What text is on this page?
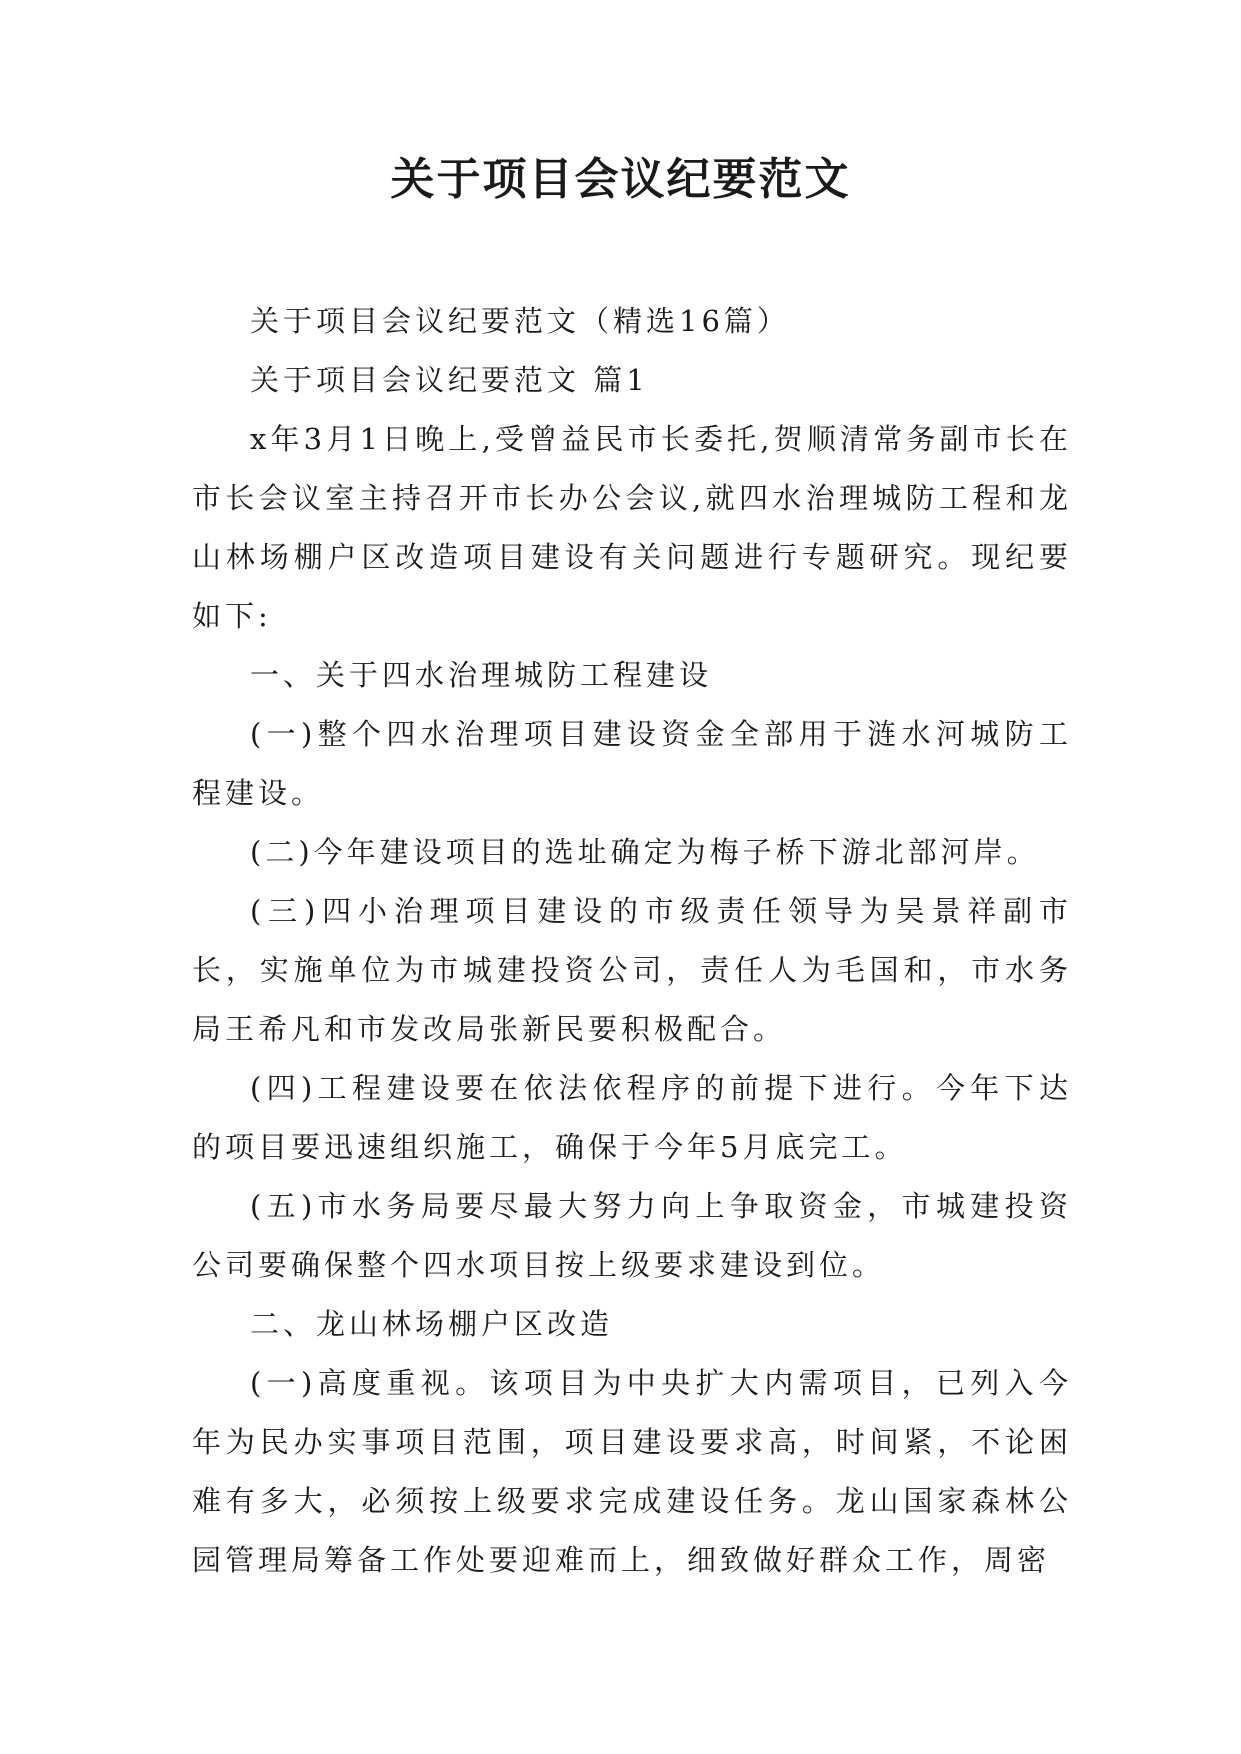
关于项目会议纪要范文

关于项目会议纪要范文（精选16篇）

关于项目会议纪要范文 篇1

x年3月1日晚上,受曾益民市长委托,贺顺清常务副市长在市长会议室主持召开市长办公会议,就四水治理城防工程和龙山林场棚户区改造项目建设有关问题进行专题研究。现纪要如下:

一、关于四水治理城防工程建设

(一)整个四水治理项目建设资金全部用于涟水河城防工程建设。

(二)今年建设项目的选址确定为梅子桥下游北部河岸。

(三)四小治理项目建设的市级责任领导为吴景祥副市长，实施单位为市城建投资公司，责任人为毛国和，市水务局王希凡和市发改局张新民要积极配合。

(四)工程建设要在依法依程序的前提下进行。今年下达的项目要迅速组织施工，确保于今年5月底完工。

(五)市水务局要尽最大努力向上争取资金，市城建投资公司要确保整个四水项目按上级要求建设到位。

二、龙山林场棚户区改造

(一)高度重视。该项目为中央扩大内需项目，已列入今年为民办实事项目范围，项目建设要求高，时间紧，不论困难有多大，必须按上级要求完成建设任务。龙山国家森林公园管理局筹备工作处要迎难而上，细致做好群众工作，周密
